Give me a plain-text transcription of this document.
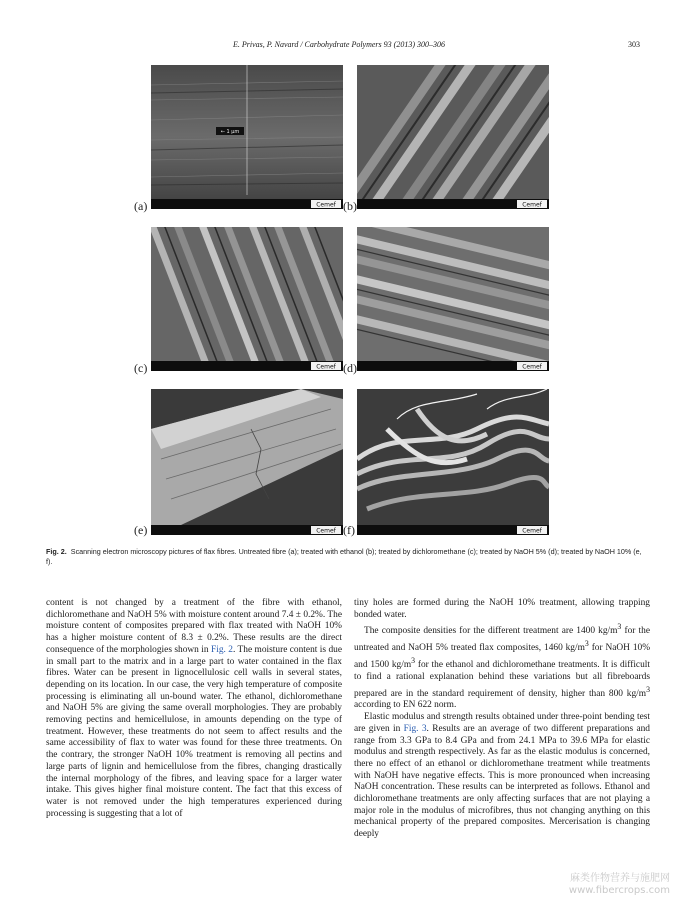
E. Privas, P. Navard / Carbohydrate Polymers 93 (2013) 300–306	303
← 1 µm
Cemef
(a)	Cemef
(b)
Cemef
(c)	Cemef
(d)
Cemef
(e)	Cemef
(f)
Fig. 2. Scanning electron microscopy pictures of flax fibres. Untreated fibre (a); treated with ethanol (b); treated by dichloromethane (c); treated by NaOH 5% (d); treated by NaOH 10% (e, f).

content is not changed by a treatment of the fibre with ethanol, dichloromethane and NaOH 5% with moisture content around 7.4 ± 0.2%. The moisture content of composites prepared with flax treated with NaOH 10% has a higher moisture content of 8.3 ± 0.2%. These results are the direct consequence of the morphologies shown in Fig. 2. The moisture content is due in small part to the matrix and in a large part to water contained in the flax fibres. Water can be present in lignocellulosic cell walls in several states, depending on its location. In our case, the very high temperature of composite processing is eliminating all un-bound water. The ethanol, dichloromethane and NaOH 5% are giving the same overall morphologies. They are probably removing pectins and hemicellulose, in amounts depending on the type of treatment. However, these treatments do not seem to affect results and the same accessibility of flax to water was found for these three treatments. On the contrary, the stronger NaOH 10% treatment is removing all pectins and large parts of lignin and hemicellulose from the fibres, changing drastically the internal morphology of the fibres, and leaving space for a larger water intake. This gives higher final moisture content. The fact that this excess of water is not removed under the high temperatures experienced during processing is suggesting that a lot of

tiny holes are formed during the NaOH 10% treatment, allowing trapping bonded water.

The composite densities for the different treatment are 1400 $kg/m^3$ for the untreated and NaOH 5% treated flax composites, 1460 $kg/m^3$ for NaOH 10% and 1500 $kg/m^3$ for the ethanol and dichloromethane treatments. It is difficult to find a rational explanation behind these variations but all fibreboards prepared are in the standard requirement of density, higher than 800 $kg/m^3$ according to EN 622 norm.

Elastic modulus and strength results obtained under three-point bending test are given in Fig. 3. Results are an average of two different preparations and range from 3.3 GPa to 8.4 GPa and from 24.1 MPa to 39.6 MPa for elastic modulus and strength respectively. As far as the elastic modulus is concerned, there no effect of an ethanol or dichloromethane treatment while treatments with NaOH have negative effects. This is more pronounced when increasing NaOH concentration. These results can be interpreted as follows. Ethanol and dichloromethane treatments are only affecting surfaces that are not playing a major role in the modulus of microfibres, thus not changing anything on this mechanical property of the prepared composites. Mercerisation is changing deeply

麻类作物营养与施肥网
www.fibercrops.com
